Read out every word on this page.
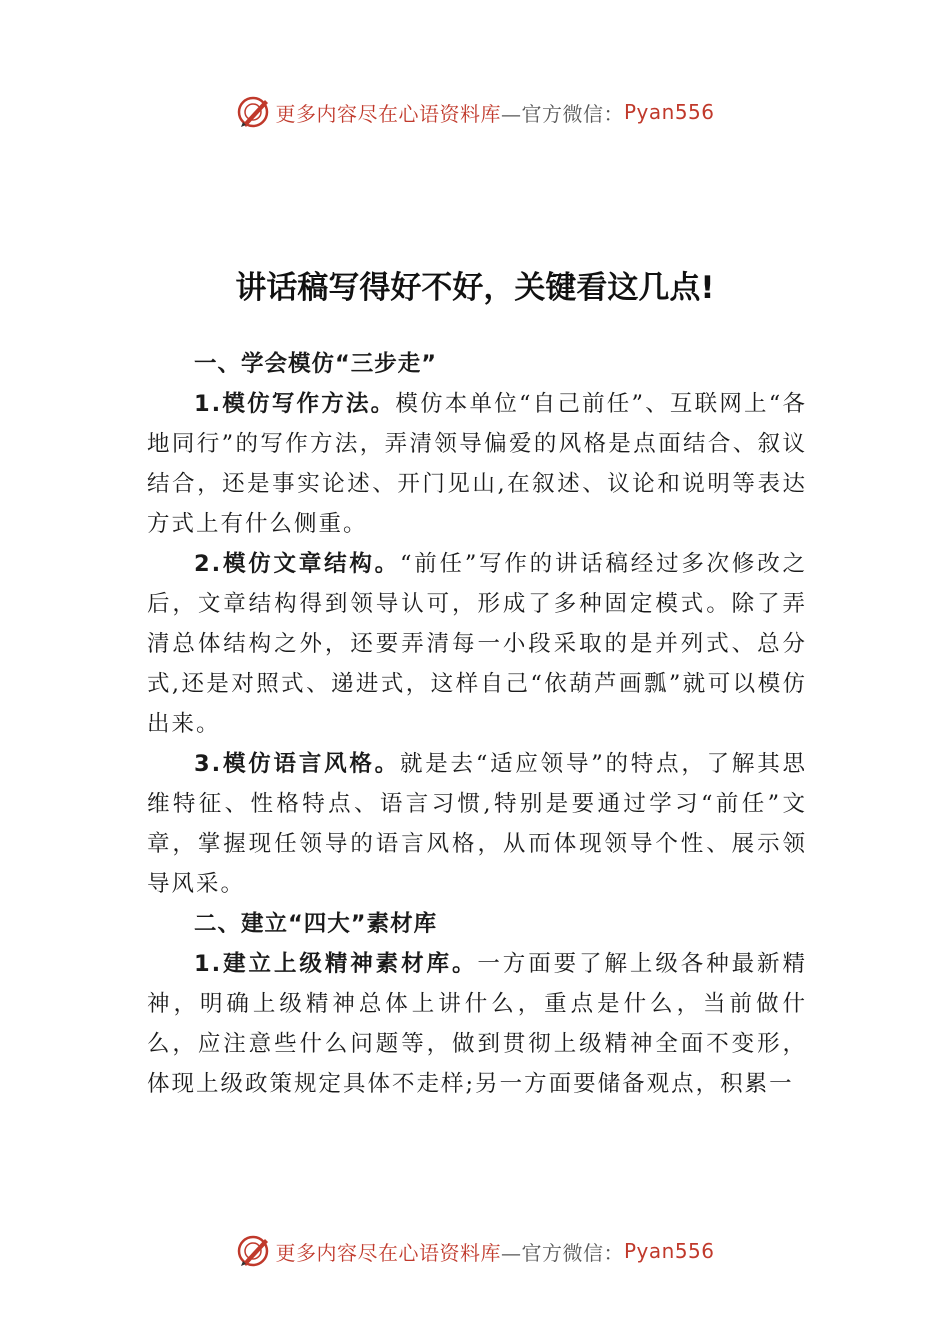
更多内容尽在心语资料库 —官方微信： Pyan556
讲话稿写得好不好，关键看这几点!

一、学会模仿“三步走”

1.模仿写作方法。模仿本单位“自己前任”、互联网上“各地同行”的写作方法，弄清领导偏爱的风格是点面结合、叙议结合，还是事实论述、开门见山,在叙述、议论和说明等表达方式上有什么侧重。

2.模仿文章结构。“前任”写作的讲话稿经过多次修改之后，文章结构得到领导认可，形成了多种固定模式。除了弄清总体结构之外，还要弄清每一小段采取的是并列式、总分式,还是对照式、递进式，这样自己“依葫芦画瓢”就可以模仿出来。

3.模仿语言风格。就是去“适应领导”的特点，了解其思维特征、性格特点、语言习惯,特别是要通过学习“前任”文章，掌握现任领导的语言风格，从而体现领导个性、展示领导风采。

二、建立“四大”素材库

1.建立上级精神素材库。一方面要了解上级各种最新精神，明确上级精神总体上讲什么，重点是什么，当前做什么，应注意些什么问题等，做到贯彻上级精神全面不变形，体现上级政策规定具体不走样;另一方面要储备观点，积累一

更多内容尽在心语资料库 —官方微信： Pyan556
